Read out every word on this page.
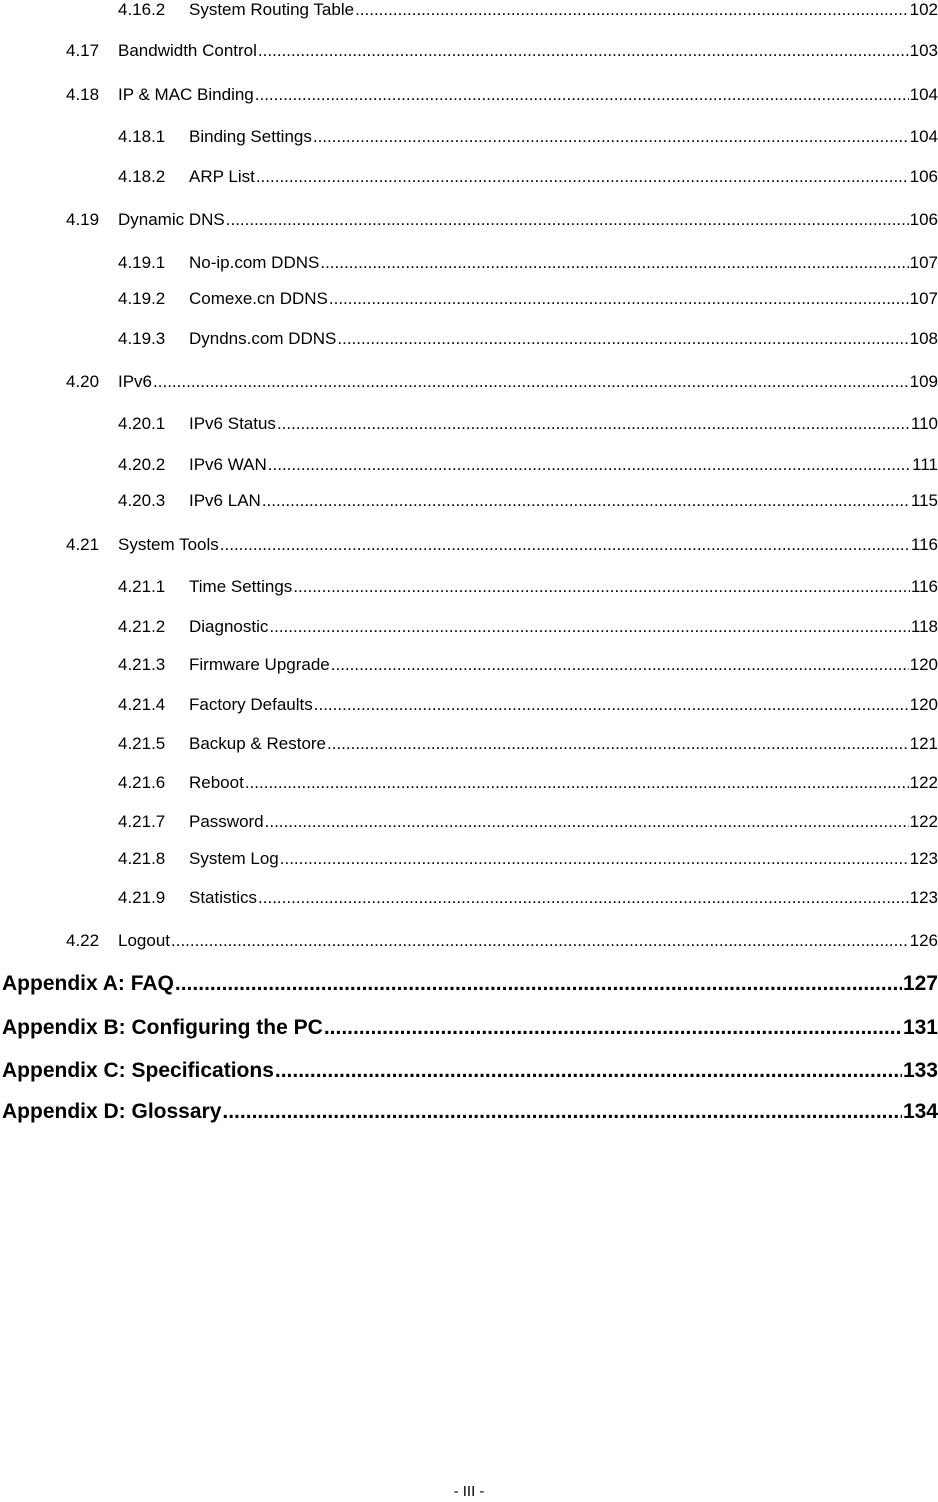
4.16.2	System Routing Table .....	102
4.17	Bandwidth Control .....	103
4.18	IP & MAC Binding .....	104
4.18.1	Binding Settings .....	104
4.18.2	ARP List .....	106
4.19	Dynamic DNS .....	106
4.19.1	No-ip.com DDNS .....	107
4.19.2	Comexe.cn DDNS .....	107
4.19.3	Dyndns.com DDNS .....	108
4.20	IPv6 .....	109
4.20.1	IPv6 Status .....	110
4.20.2	IPv6 WAN .....	111
4.20.3	IPv6 LAN .....	115
4.21	System Tools .....	116
4.21.1	Time Settings .....	116
4.21.2	Diagnostic .....	118
4.21.3	Firmware Upgrade .....	120
4.21.4	Factory Defaults .....	120
4.21.5	Backup & Restore .....	121
4.21.6	Reboot .....	122
4.21.7	Password .....	122
4.21.8	System Log .....	123
4.21.9	Statistics .....	123
4.22	Logout .....	126
Appendix A: FAQ .....	127
Appendix B: Configuring the PC .....	131
Appendix C: Specifications .....	133
Appendix D: Glossary .....	134
- III -
